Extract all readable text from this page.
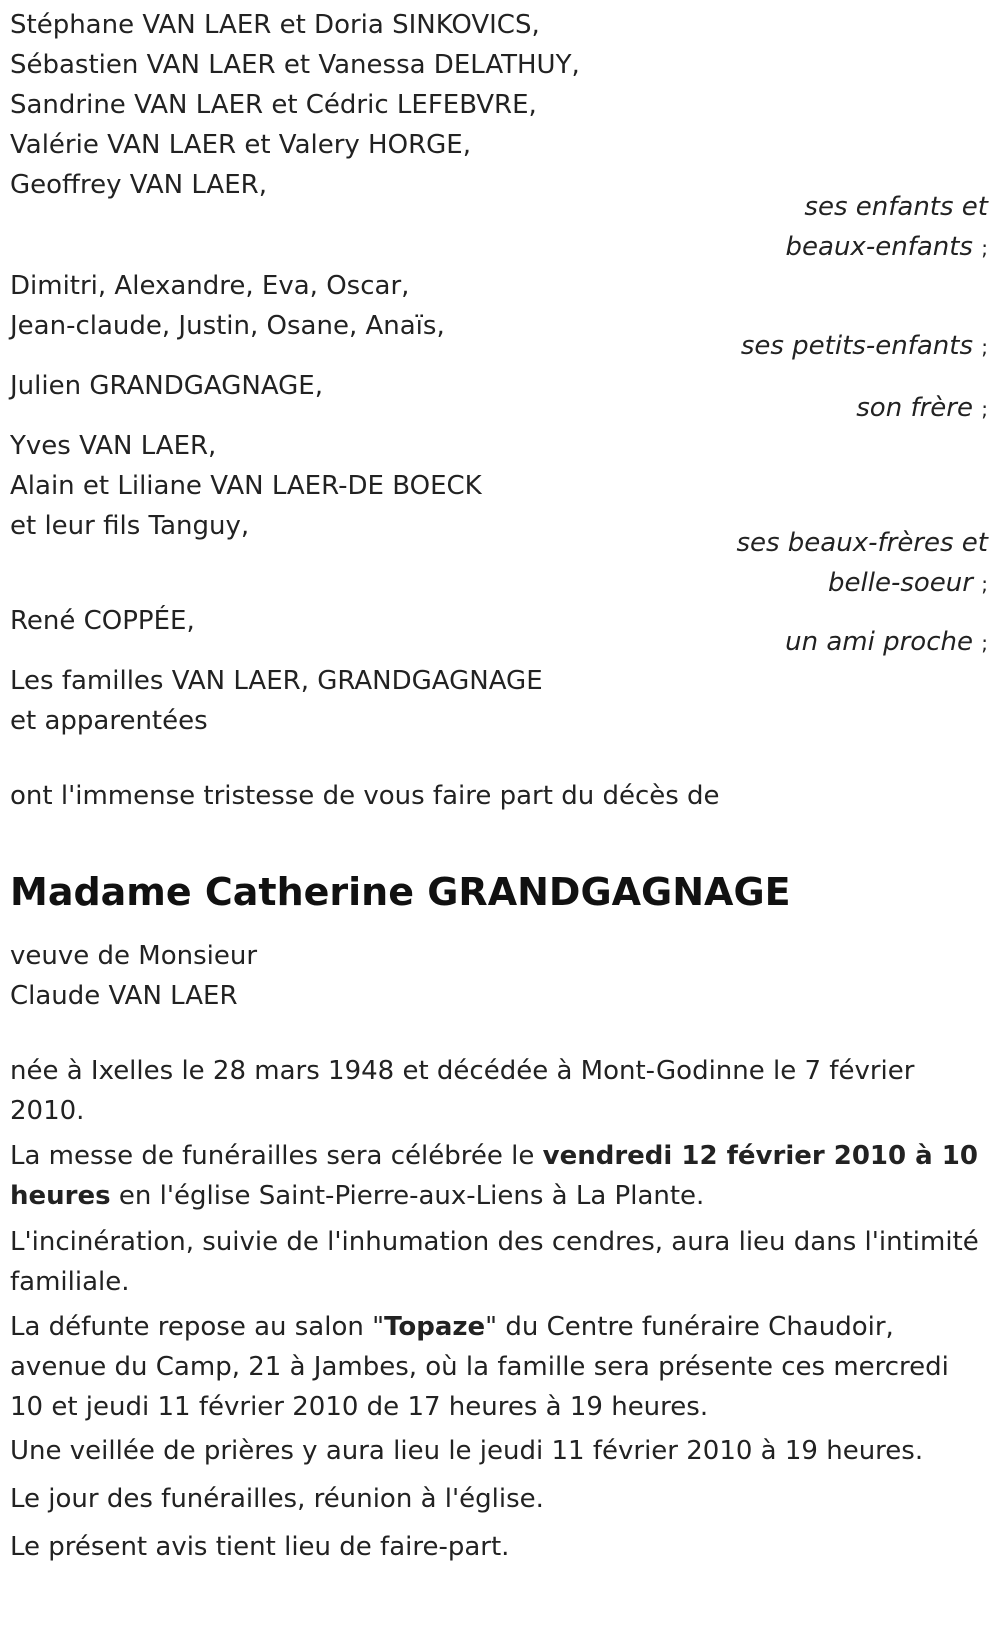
Stéphane VAN LAER et Doria SINKOVICS,
Sébastien VAN LAER et Vanessa DELATHUY,
Sandrine VAN LAER et Cédric LEFEBVRE,
Valérie VAN LAER et Valery HORGE,
Geoffrey VAN LAER,
ses enfants et
beaux-enfants ;
Dimitri, Alexandre, Eva, Oscar,
Jean-claude, Justin, Osane, Anaïs,
ses petits-enfants ;
Julien GRANDGAGNAGE,
son frère ;
Yves VAN LAER,
Alain et Liliane VAN LAER-DE BOECK
et leur fils Tanguy,
ses beaux-frères et
belle-soeur ;
René COPPÉE,
un ami proche ;
Les familles VAN LAER, GRANDGAGNAGE
et apparentées
ont l'immense tristesse de vous faire part du décès de
Madame Catherine GRANDGAGNAGE
veuve de Monsieur
Claude VAN LAER
née à Ixelles le 28 mars 1948 et décédée à Mont-Godinne le 7 février 2010.
La messe de funérailles sera célébrée le vendredi 12 février 2010 à 10 heures en l'église Saint-Pierre-aux-Liens à La Plante.
L'incinération, suivie de l'inhumation des cendres, aura lieu dans l'intimité familiale.
La défunte repose au salon "Topaze" du Centre funéraire Chaudoir, avenue du Camp, 21 à Jambes, où la famille sera présente ces mercredi 10 et jeudi 11 février 2010 de 17 heures à 19 heures.
Une veillée de prières y aura lieu le jeudi 11 février 2010 à 19 heures.
Le jour des funérailles, réunion à l'église.
Le présent avis tient lieu de faire-part.
